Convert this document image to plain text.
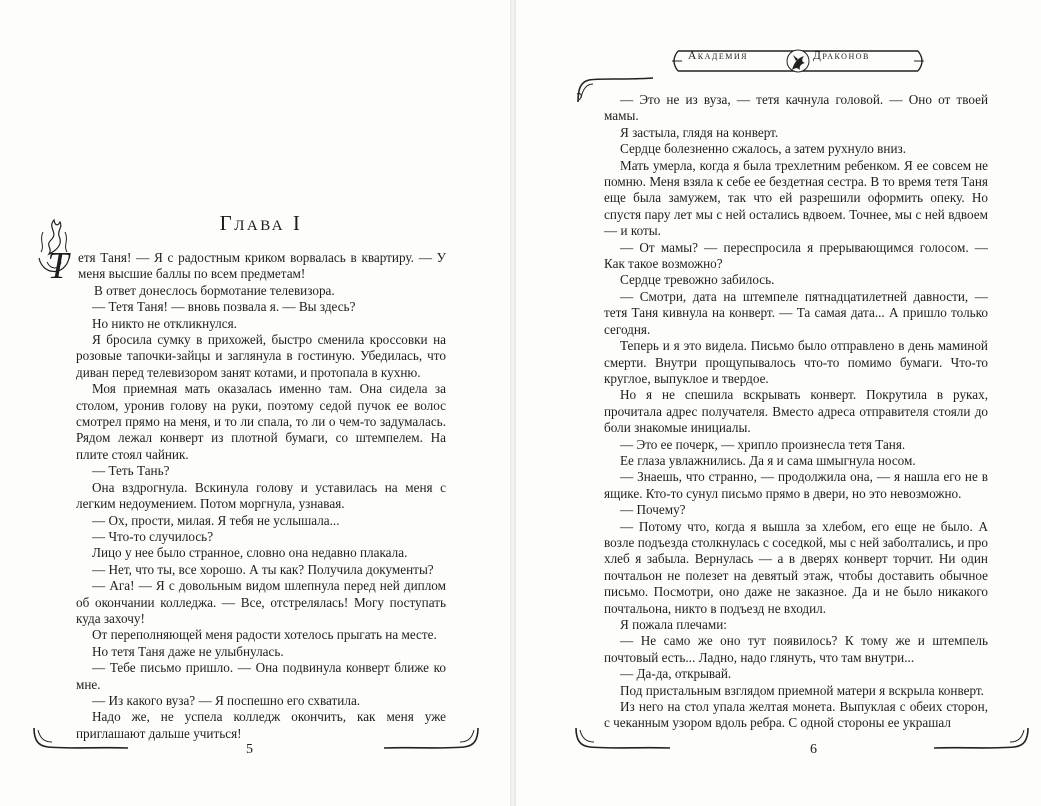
Академия	Драконов
Глава I

Тетя Таня! — Я с радостным криком ворвалась в квартиру. — У меня высшие баллы по всем предметам!

В ответ донеслось бормотание телевизора.

— Тетя Таня! — вновь позвала я. — Вы здесь?

Но никто не откликнулся.

Я бросила сумку в прихожей, быстро сменила кроссовки на розовые тапочки-зайцы и заглянула в гостиную. Убедилась, что диван перед телевизором занят котами, и протопала в кухню.

Моя приемная мать оказалась именно там. Она сидела за столом, уронив голову на руки, поэтому седой пучок ее волос смотрел прямо на меня, и то ли спала, то ли о чем-то задумалась. Рядом лежал конверт из плотной бумаги, со штемпелем. На плите стоял чайник.

— Теть Тань?

Она вздрогнула. Вскинула голову и уставилась на меня с легким недоумением. Потом моргнула, узнавая.

— Ох, прости, милая. Я тебя не услышала...

— Что-то случилось?

Лицо у нее было странное, словно она недавно плакала.

— Нет, что ты, все хорошо. А ты как? Получила документы?

— Ага! — Я с довольным видом шлепнула перед ней диплом об окончании колледжа. — Все, отстрелялась! Могу поступать куда захочу!

От переполняющей меня радости хотелось прыгать на месте.

Но тетя Таня даже не улыбнулась.

— Тебе письмо пришло. — Она подвинула конверт ближе ко мне.

— Из какого вуза? — Я поспешно его схватила.

Надо же, не успела колледж окончить, как меня уже приглашают дальше учиться!

— Это не из вуза, — тетя качнула головой. — Оно от твоей мамы.

Я застыла, глядя на конверт.

Сердце болезненно сжалось, а затем рухнуло вниз.

Мать умерла, когда я была трехлетним ребенком. Я ее совсем не помню. Меня взяла к себе ее бездетная сестра. В то время тетя Таня еще была замужем, так что ей разрешили оформить опеку. Но спустя пару лет мы с ней остались вдвоем. Точнее, мы с ней вдвоем — и коты.

— От мамы? — переспросила я прерывающимся голосом. — Как такое возможно?

Сердце тревожно забилось.

— Смотри, дата на штемпеле пятнадцатилетней давности, — тетя Таня кивнула на конверт. — Та самая дата... А пришло только сегодня.

Теперь и я это видела. Письмо было отправлено в день маминой смерти. Внутри прощупывалось что-то помимо бумаги. Что-то круглое, выпуклое и твердое.

Но я не спешила вскрывать конверт. Покрутила в руках, прочитала адрес получателя. Вместо адреса отправителя стояли до боли знакомые инициалы.

— Это ее почерк, — хрипло произнесла тетя Таня.

Ее глаза увлажнились. Да я и сама шмыгнула носом.

— Знаешь, что странно, — продолжила она, — я нашла его не в ящике. Кто-то сунул письмо прямо в двери, но это невозможно.

— Почему?

— Потому что, когда я вышла за хлебом, его еще не было. А возле подъезда столкнулась с соседкой, мы с ней заболтались, и про хлеб я забыла. Вернулась — а в дверях конверт торчит. Ни один почтальон не полезет на девятый этаж, чтобы доставить обычное письмо. Посмотри, оно даже не заказное. Да и не было никакого почтальона, никто в подъезд не входил.

Я пожала плечами:

— Не само же оно тут появилось? К тому же и штемпель почтовый есть... Ладно, надо глянуть, что там внутри...

— Да-да, открывай.

Под пристальным взглядом приемной матери я вскрыла конверт.

Из него на стол упала желтая монета. Выпуклая с обеих сторон, с чеканным узором вдоль ребра. С одной стороны ее украшал

5	6
